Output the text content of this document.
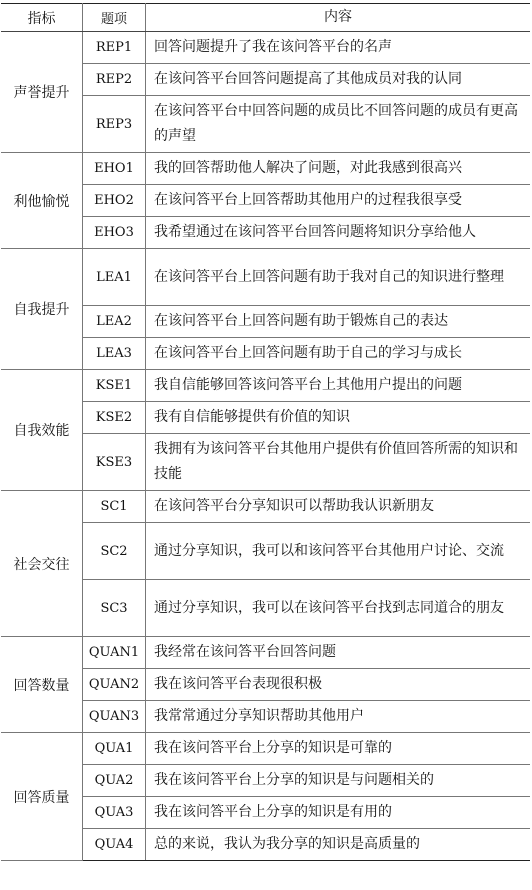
指标	题项	内容
声誉提升	REP1	回答问题提升了我在该问答平台的名声
	REP2	在该问答平台回答问题提高了其他成员对我的认同
	REP3	在该问答平台中回答问题的成员比不回答问题的成员有更高的声望
利他愉悦	EHO1	我的回答帮助他人解决了问题，对此我感到很高兴
	EHO2	在该问答平台上回答帮助其他用户的过程我很享受
	EHO3	我希望通过在该问答平台回答问题将知识分享给他人
自我提升	LEA1	在该问答平台上回答问题有助于我对自己的知识进行整理
	LEA2	在该问答平台上回答问题有助于锻炼自己的表达
	LEA3	在该问答平台上回答问题有助于自己的学习与成长
自我效能	KSE1	我自信能够回答该问答平台上其他用户提出的问题
	KSE2	我有自信能够提供有价值的知识
	KSE3	我拥有为该问答平台其他用户提供有价值回答所需的知识和技能
社会交往	SC1	在该问答平台分享知识可以帮助我认识新朋友
	SC2	通过分享知识，我可以和该问答平台其他用户讨论、交流
	SC3	通过分享知识，我可以在该问答平台找到志同道合的朋友
回答数量	QUAN1	我经常在该问答平台回答问题
	QUAN2	我在该问答平台表现很积极
	QUAN3	我常常通过分享知识帮助其他用户
回答质量	QUA1	我在该问答平台上分享的知识是可靠的
	QUA2	我在该问答平台上分享的知识是与问题相关的
	QUA3	我在该问答平台上分享的知识是有用的
	QUA4	总的来说，我认为我分享的知识是高质量的
